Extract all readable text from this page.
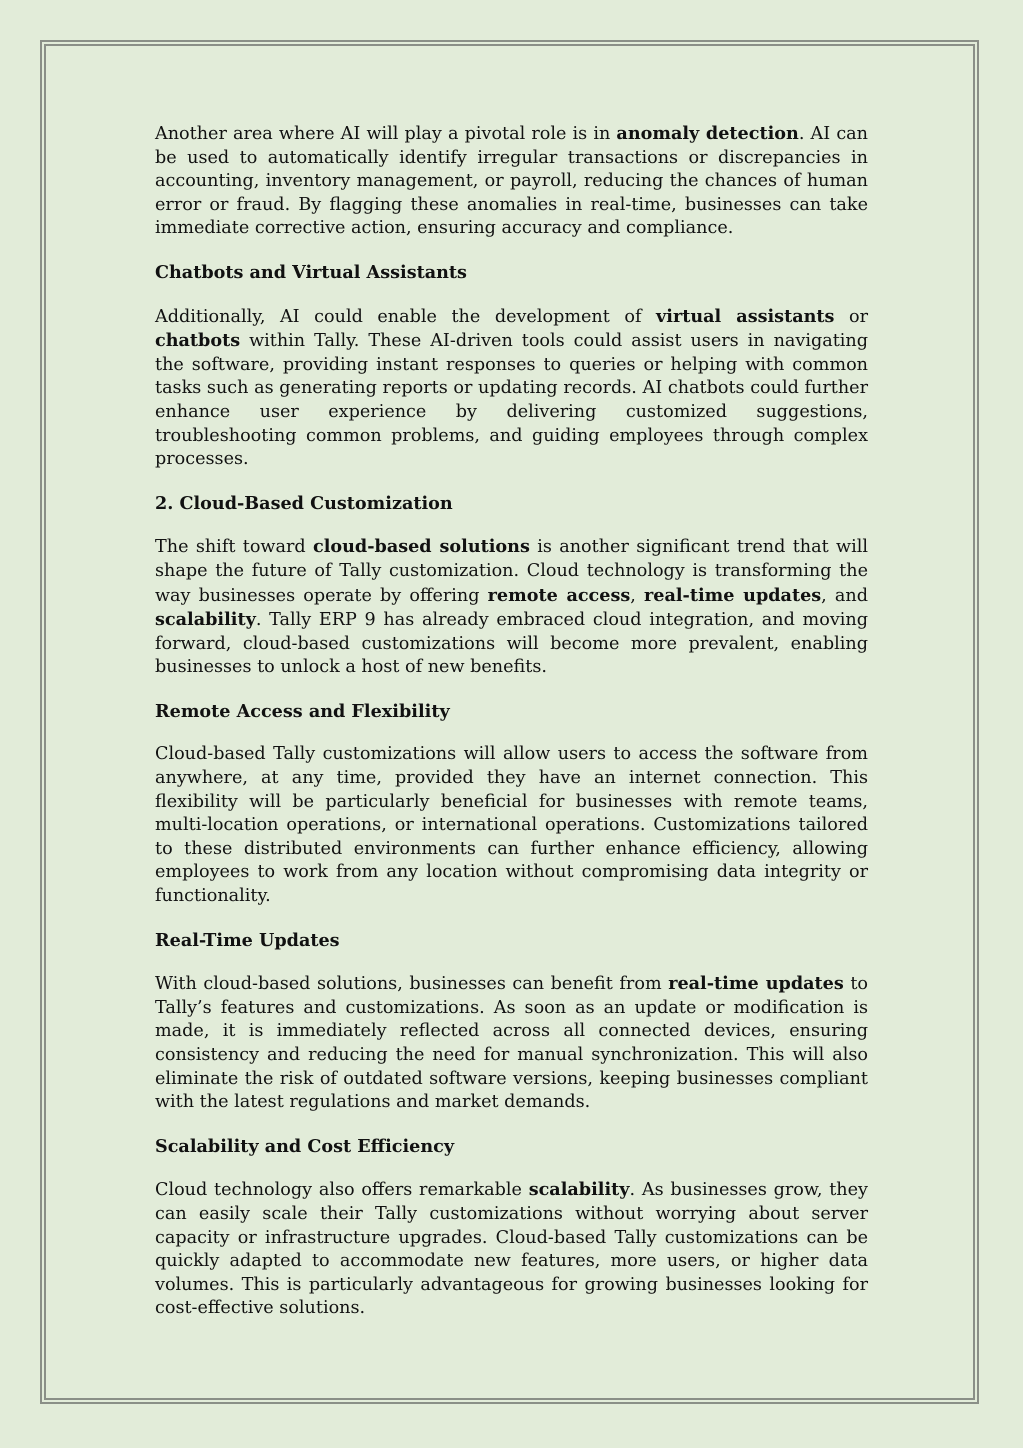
Another area where AI will play a pivotal role is in anomaly detection. AI can be used to automatically identify irregular transactions or discrepancies in accounting, inventory management, or payroll, reducing the chances of human error or fraud. By flagging these anomalies in real-time, businesses can take immediate corrective action, ensuring accuracy and compliance.

Chatbots and Virtual Assistants

Additionally, AI could enable the development of virtual assistants or chatbots within Tally. These AI-driven tools could assist users in navigating the software, providing instant responses to queries or helping with common tasks such as generating reports or updating records. AI chatbots could further enhance user experience by delivering customized suggestions, troubleshooting common problems, and guiding employees through complex processes.

2. Cloud-Based Customization

The shift toward cloud-based solutions is another significant trend that will shape the future of Tally customization. Cloud technology is transforming the way businesses operate by offering remote access, real-time updates, and scalability. Tally ERP 9 has already embraced cloud integration, and moving forward, cloud-based customizations will become more prevalent, enabling businesses to unlock a host of new benefits.

Remote Access and Flexibility

Cloud-based Tally customizations will allow users to access the software from anywhere, at any time, provided they have an internet connection. This flexibility will be particularly beneficial for businesses with remote teams, multi-location operations, or international operations. Customizations tailored to these distributed environments can further enhance efficiency, allowing employees to work from any location without compromising data integrity or functionality.

Real-Time Updates

With cloud-based solutions, businesses can benefit from real-time updates to Tally’s features and customizations. As soon as an update or modification is made, it is immediately reflected across all connected devices, ensuring consistency and reducing the need for manual synchronization. This will also eliminate the risk of outdated software versions, keeping businesses compliant with the latest regulations and market demands.

Scalability and Cost Efficiency

Cloud technology also offers remarkable scalability. As businesses grow, they can easily scale their Tally customizations without worrying about server capacity or infrastructure upgrades. Cloud-based Tally customizations can be quickly adapted to accommodate new features, more users, or higher data volumes. This is particularly advantageous for growing businesses looking for cost-effective solutions.
